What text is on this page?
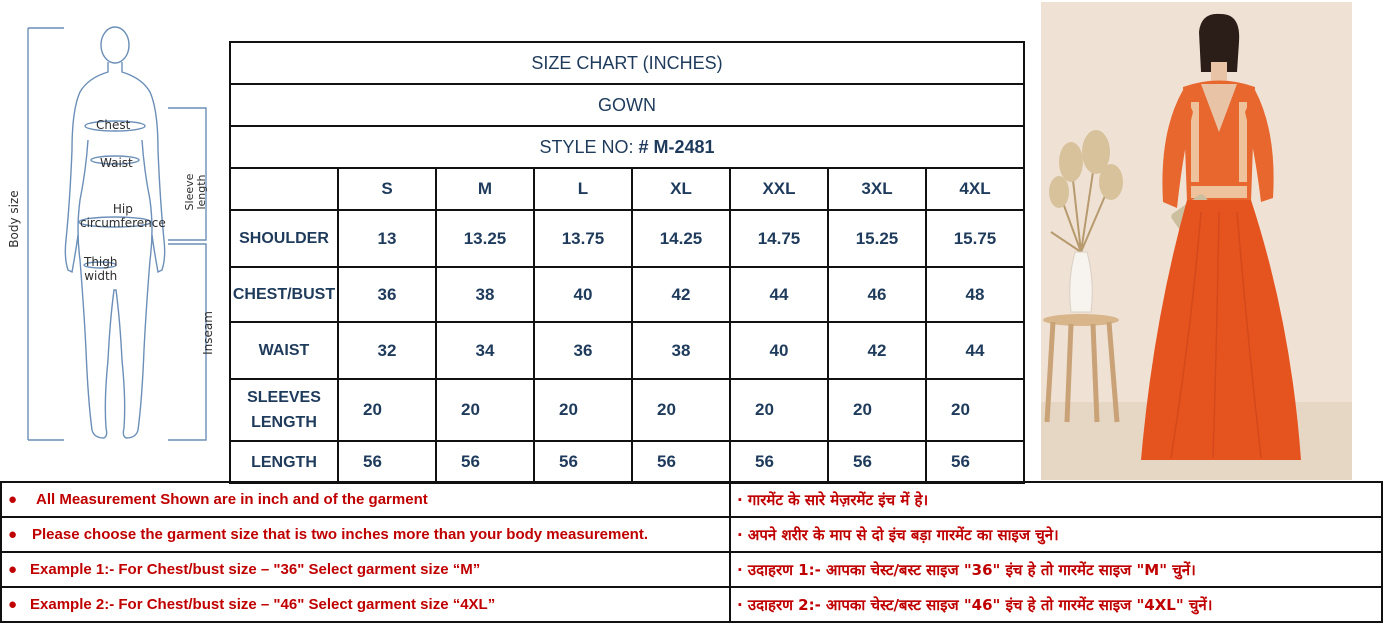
Chest
Waist
Hip
circumference
Thigh
width
Body size	Sleeve length
Inseam
SIZE CHART (INCHES)							
GOWN							
STYLE NO: # M-2481							
	S	M	L	XL	XXL	3XL	4XL
SHOULDER	13	13.25	13.75	14.25	14.75	15.25	15.75
CHEST/BUST	36	38	40	42	44	46	48
WAIST	32	34	36	38	40	42	44
SLEEVES LENGTH	20	20	20	20	20	20	20
LENGTH	56	56	56	56	56	56	56
● All Measurement Shown are in inch and of the garment	· गारमेंट के सारे मेज़रमेंट इंच में हे।
● Please choose the garment size that is two inches more than your body measurement.	· अपने शरीर के माप से दो इंच बड़ा गारमेंट का साइज चुने।
● Example 1:- For Chest/bust size – "36" Select garment size “M”	· उदाहरण 1:- आपका चेस्ट/बस्ट साइज "36" इंच हे तो गारमेंट साइज "M" चुनें।
● Example 2:- For Chest/bust size – "46" Select garment size “4XL”	· उदाहरण 2:- आपका चेस्ट/बस्ट साइज "46" इंच हे तो गारमेंट साइज "4XL" चुनें।
